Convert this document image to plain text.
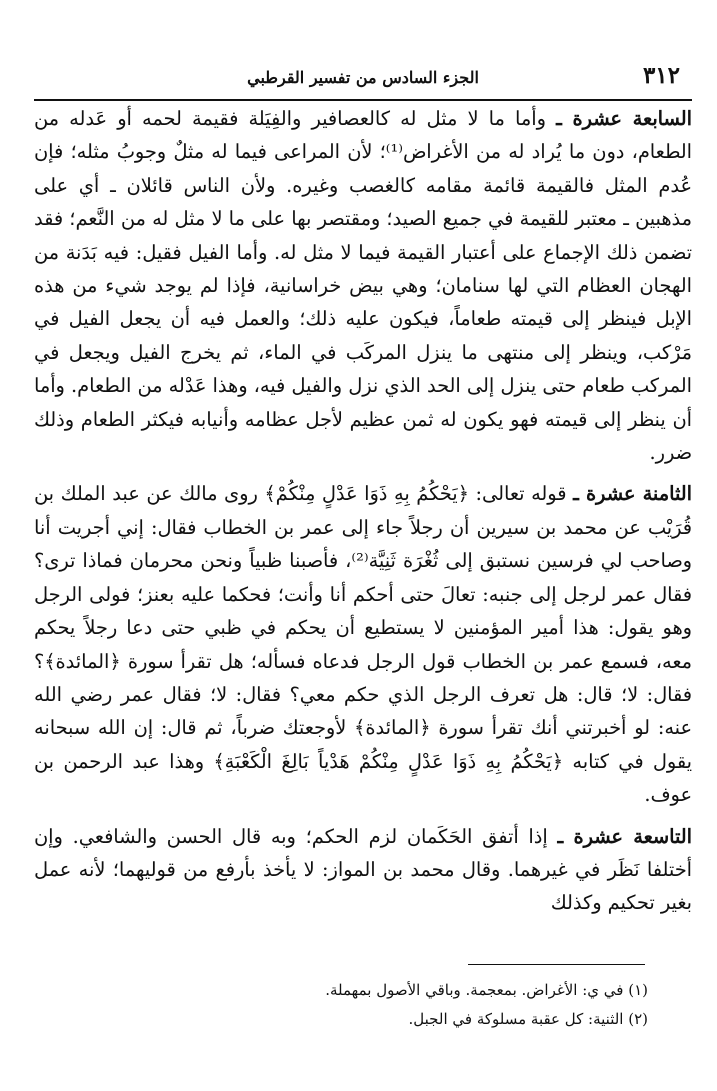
٣١٢
الجزء السادس من تفسير القرطبي

السابعة عشرة ـ وأما ما لا مثل له كالعصافير والفِيَلة فقيمة لحمه أو عَدله من الطعام، دون ما يُراد له من الأغراض⁽¹⁾؛ لأن المراعى فيما له مثلٌ وجوبُ مثله؛ فإن عُدم المثل فالقيمة قائمة مقامه كالغصب وغيره. ولأن الناس قائلان ـ أي على مذهبين ـ معتبر للقيمة في جميع الصيد؛ ومقتصر بها على ما لا مثل له من النَّعم؛ فقد تضمن ذلك الإجماع على أعتبار القيمة فيما لا مثل له. وأما الفيل فقيل: فيه بَدَنة من الهجان العظام التي لها سنامان؛ وهي بيض خراسانية، فإذا لم يوجد شيء من هذه الإبل فينظر إلى قيمته طعاماً، فيكون عليه ذلك؛ والعمل فيه أن يجعل الفيل في مَرْكب، وينظر إلى منتهى ما ينزل المركَب في الماء، ثم يخرج الفيل ويجعل في المركب طعام حتى ينزل إلى الحد الذي نزل والفيل فيه، وهذا عَدْله من الطعام. وأما أن ينظر إلى قيمته فهو يكون له ثمن عظيم لأجل عظامه وأنيابه فيكثر الطعام وذلك ضرر.

الثامنة عشرة ـ قوله تعالى: ﴿يَحْكُمُ بِهِ ذَوَا عَدْلٍ مِنْكُمْ﴾ روى مالك عن عبد الملك بن قُرَيْب عن محمد بن سيرين أن رجلاً جاء إلى عمر بن الخطاب فقال: إني أجريت أنا وصاحب لي فرسين نستبق إلى ثُغْرَة ثَنِيَّة⁽²⁾، فأصبنا ظبياً ونحن محرمان فماذا ترى؟ فقال عمر لرجل إلى جنبه: تعالَ حتى أحكم أنا وأنت؛ فحكما عليه بعنز؛ فولى الرجل وهو يقول: هذا أمير المؤمنين لا يستطيع أن يحكم في ظبي حتى دعا رجلاً يحكم معه، فسمع عمر بن الخطاب قول الرجل فدعاه فسأله؛ هل تقرأ سورة ﴿المائدة﴾؟ فقال: لا؛ قال: هل تعرف الرجل الذي حكم معي؟ فقال: لا؛ فقال عمر رضي الله عنه: لو أخبرتني أنك تقرأ سورة ﴿المائدة﴾ لأوجعتك ضرباً، ثم قال: إن الله سبحانه يقول في كتابه ﴿يَحْكُمُ بِهِ ذَوَا عَدْلٍ مِنْكُمْ هَدْياً بَالِغَ الْكَعْبَةِ﴾ وهذا عبد الرحمن بن عوف.

التاسعة عشرة ـ إذا أتفق الحَكَمان لزم الحكم؛ وبه قال الحسن والشافعي. وإن أختلفا نَظَر في غيرهما. وقال محمد بن المواز: لا يأخذ بأرفع من قوليهما؛ لأنه عمل بغير تحكيم وكذلك

(١) في ي: الأغراض. بمعجمة. وباقي الأصول بمهملة.

(٢) الثنية: كل عقبة مسلوكة في الجبل.
